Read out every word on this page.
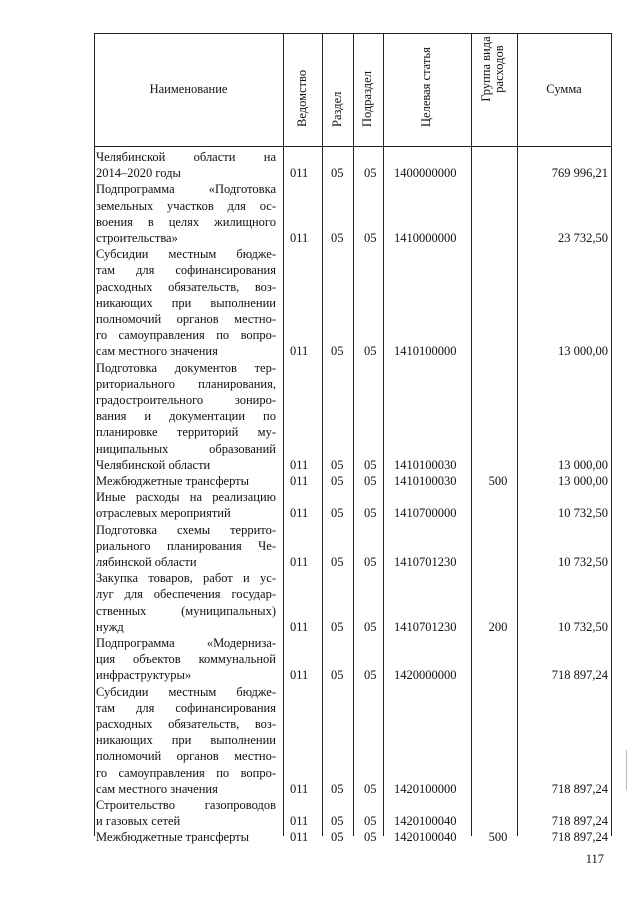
Наименование	Ведомство Раздел Подраздел	Целевая статья	Группа вида расходов	Сумма
Челябинской области на
2014–2020 годы	011 05 05 1400000000	769 996,21
Подпрограмма «Подготовка
земельных участков для ос-
воения в целях жилищного
строительства»	011 05 05 1410000000	23 732,50
Субсидии местным бюдже-
там для софинансирования
расходных обязательств, воз-
никающих при выполнении
полномочий органов местно-
го самоуправления по вопро-
сам местного значения	011 05 05 1410100000	13 000,00
Подготовка документов тер-
риториального планирования,
градостроительного зониро-
вания и документации по
планировке территорий му-
ниципальных образований
Челябинской области	011 05 05 1410100030	13 000,00
Межбюджетные трансферты	011 05 05 1410100030	500	13 000,00
Иные расходы на реализацию
отраслевых мероприятий	011 05 05 1410700000	10 732,50
Подготовка схемы террито-
риального планирования Че-
лябинской области	011 05 05 1410701230	10 732,50
Закупка товаров, работ и ус-
луг для обеспечения государ-
ственных (муниципальных)
нужд	011 05 05 1410701230	200	10 732,50
Подпрограмма «Модерниза-
ция объектов коммунальной
инфраструктуры»	011 05 05 1420000000	718 897,24
Субсидии местным бюдже-
там для софинансирования
расходных обязательств, воз-
никающих при выполнении
полномочий органов местно-
го самоуправления по вопро-
сам местного значения	011 05 05 1420100000	718 897,24
Строительство газопроводов
и газовых сетей	011 05 05 1420100040	718 897,24
Межбюджетные трансферты	011 05 05 1420100040	500	718 897,24
117
